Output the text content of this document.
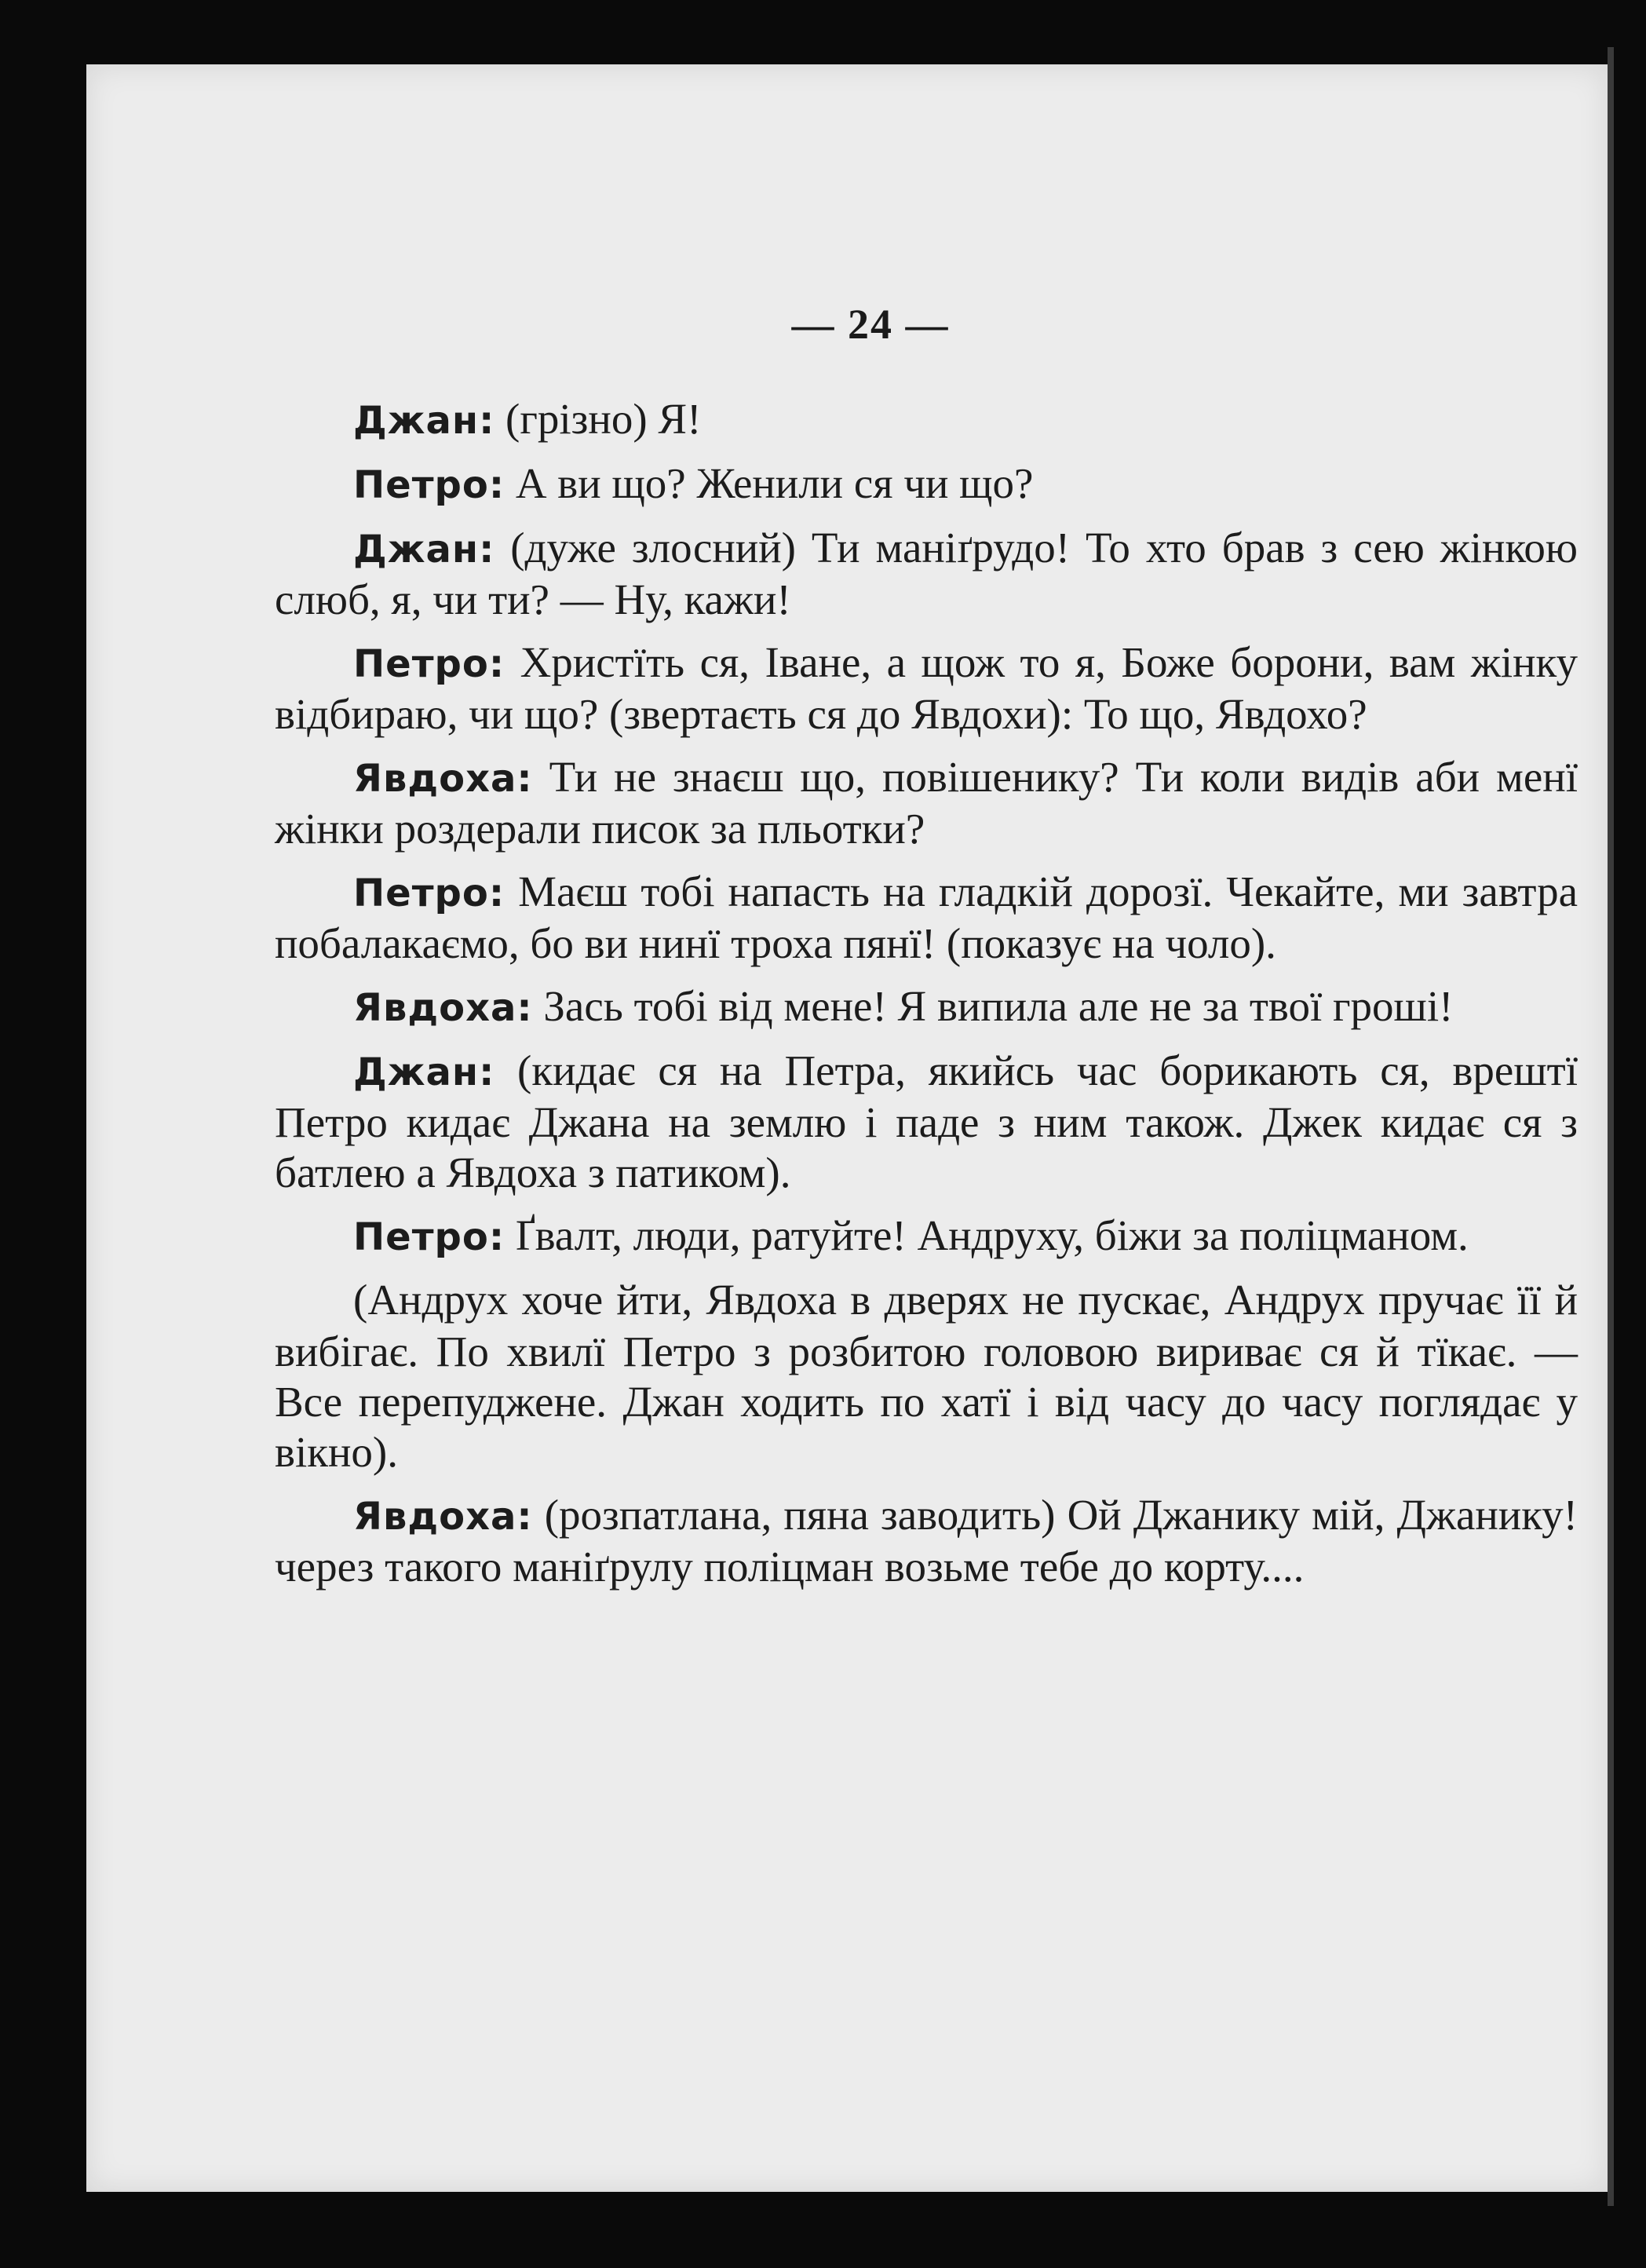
— 24 —

Джан: (грізно) Я!

Петро: А ви що? Женили ся чи що?

Джан: (дуже злосний) Ти маніґрудо! То хто брав з сею жінкою слюб, я, чи ти? — Ну, кажи!

Петро: Христїть ся, Іване, а щож то я, Боже борони, вам жінку відбираю, чи що? (звертаєть ся до Явдохи): То що, Явдохо?

Явдоха: Ти не знаєш що, повішенику? Ти коли видів аби менї жінки роздерали писок за пльотки?

Петро: Маєш тобі напасть на гладкій дорозї. Чекайте, ми завтра побалакаємо, бо ви нинї троха пянї! (показує на чоло).

Явдоха: Зась тобі від мене! Я випила але не за твої гроші!

Джан: (кидає ся на Петра, якийсь час борикають ся, врештї Петро кидає Джана на землю і паде з ним також. Джек кидає ся з батлею а Явдоха з патиком).

Петро: Ґвалт, люди, ратуйте! Андруху, біжи за поліцманом.

(Андрух хоче йти, Явдоха в дверях не пускає, Андрух пручає її й вибігає. По хвилї Петро з розбитою головою вириває ся й тїкає. — Все перепуджене. Джан ходить по хатї і від часу до часу поглядає у вікно).

Явдоха: (розпатлана, пяна заводить) Ой Джанику мій, Джанику! через такого маніґрулу поліцман возьме тебе до корту....
